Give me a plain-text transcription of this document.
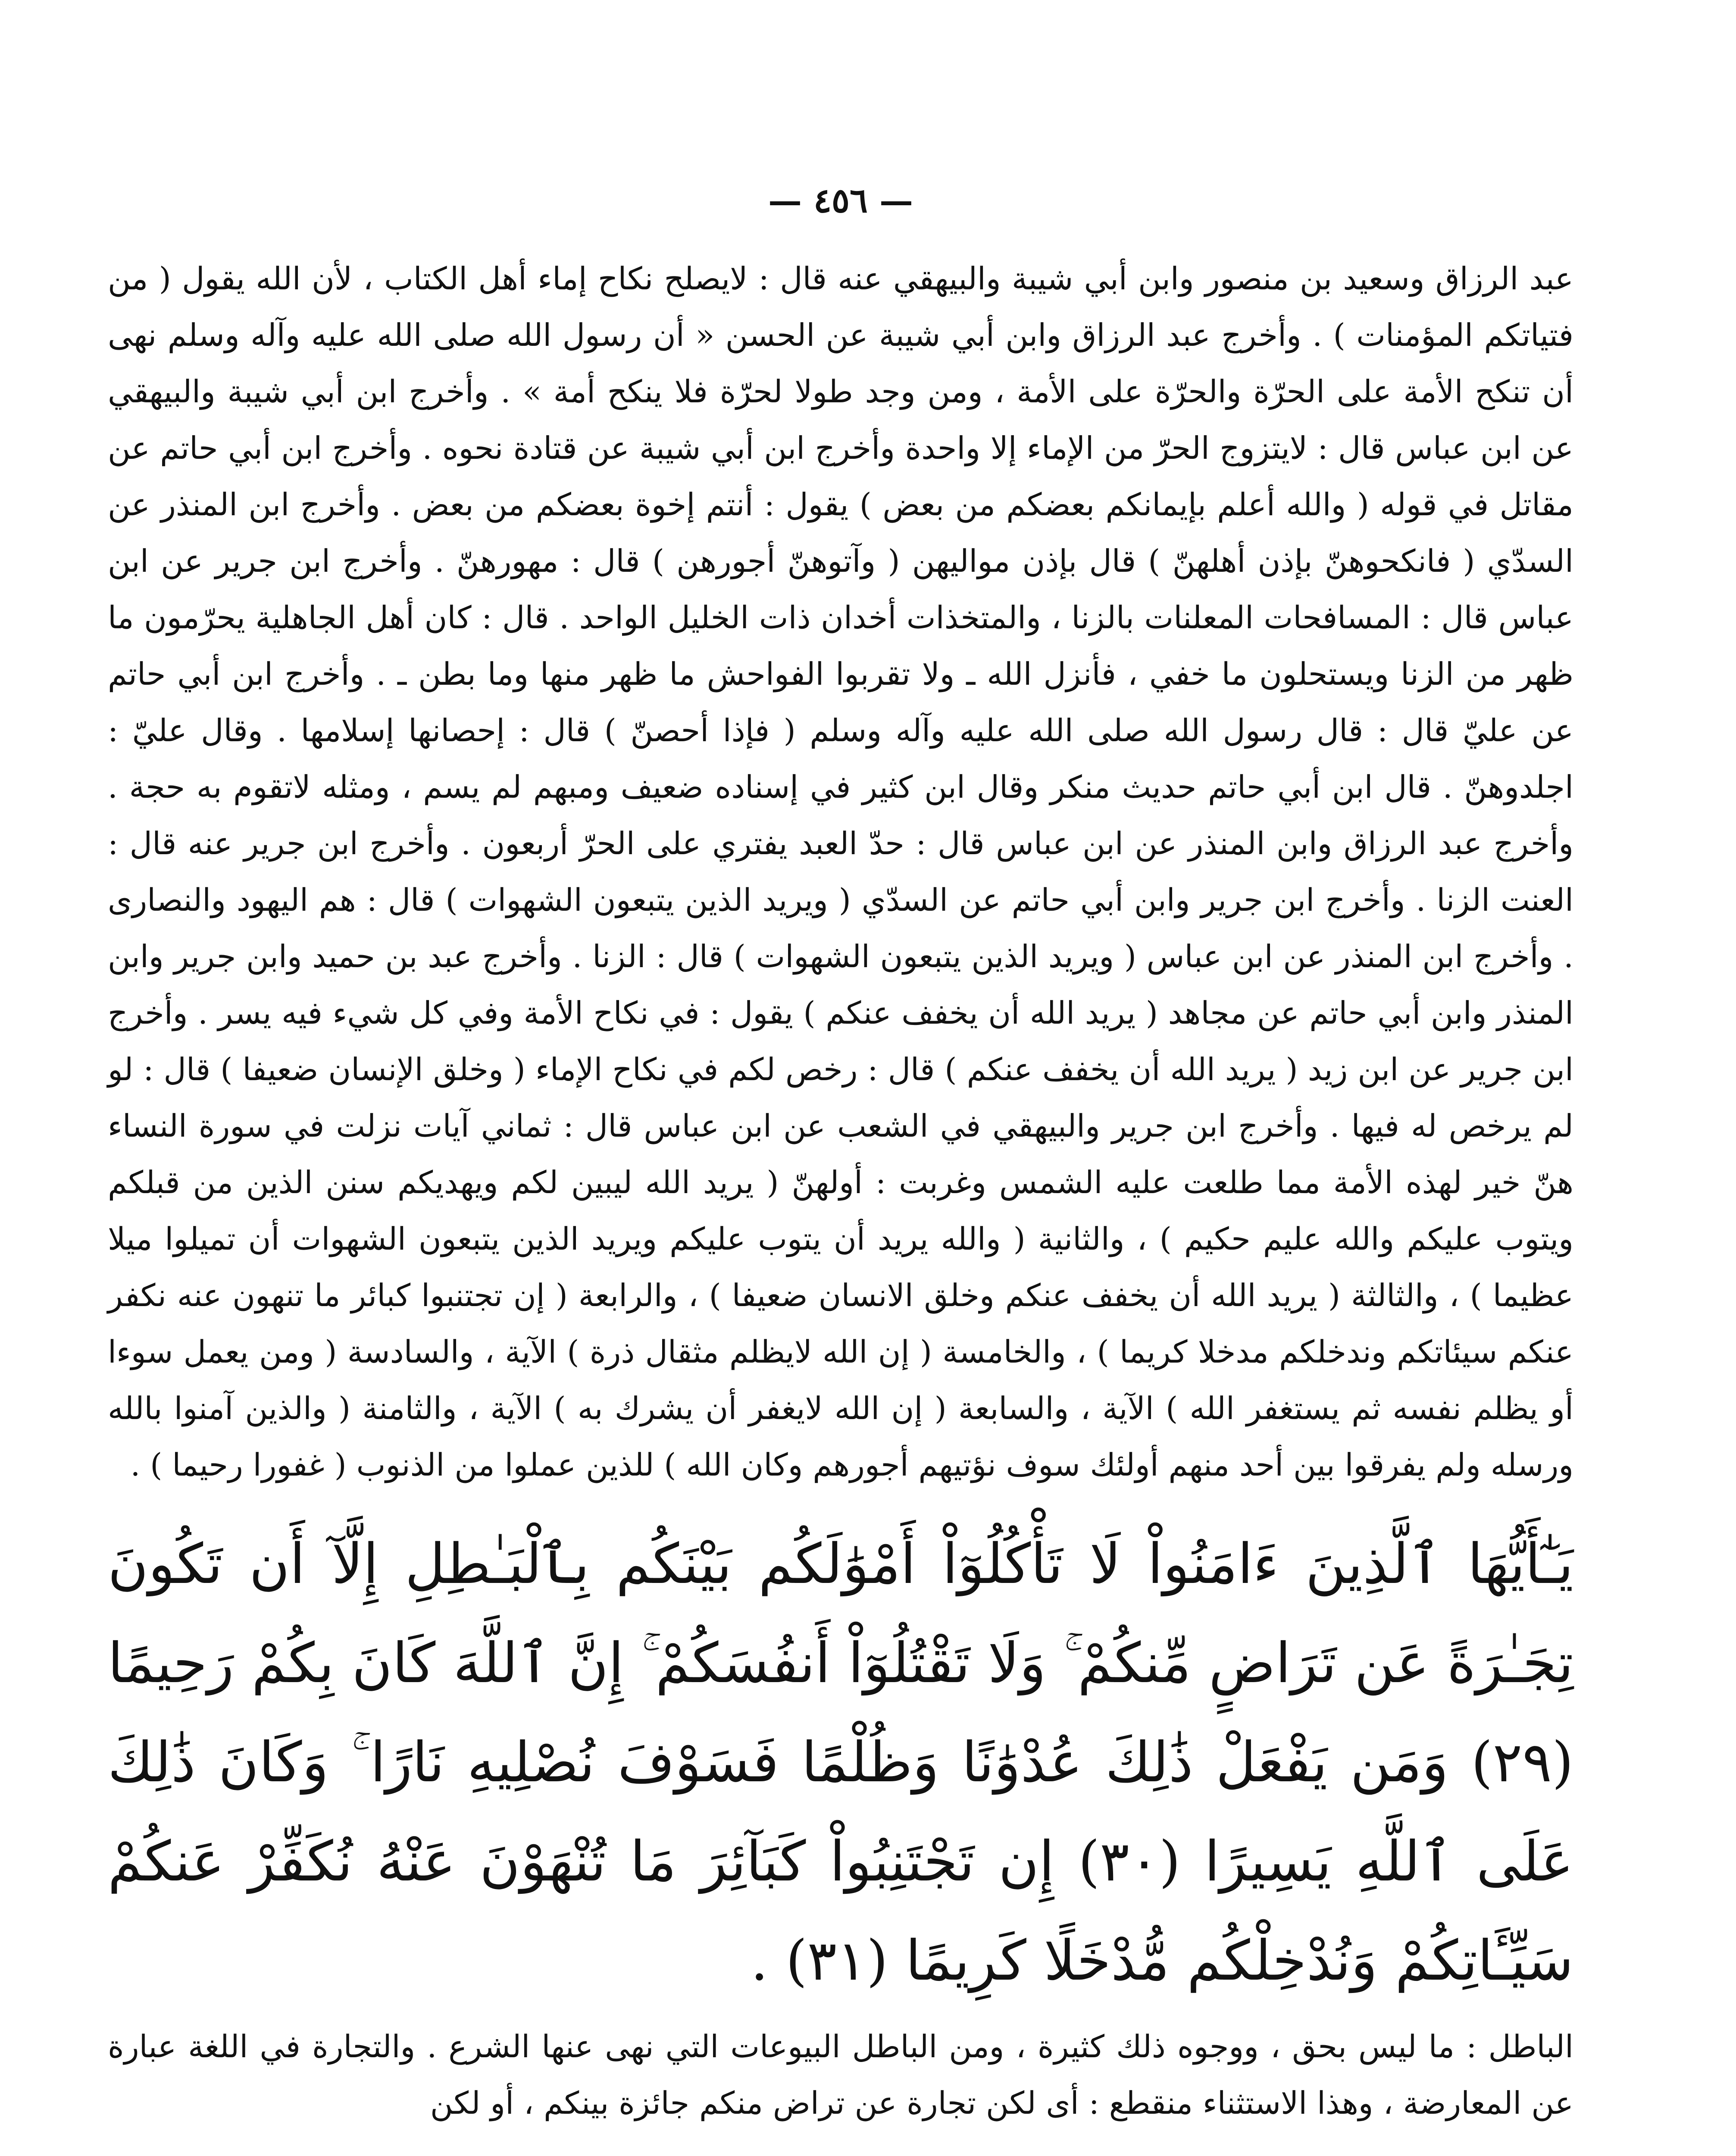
— ٤٥٦ —

عبد الرزاق وسعيد بن منصور وابن أبي شيبة والبيهقي عنه قال : لايصلح نكاح إماء أهل الكتاب ، لأن الله يقول ( من فتياتكم المؤمنات ) . وأخرج عبد الرزاق وابن أبي شيبة عن الحسن « أن رسول الله صلى الله عليه وآله وسلم نهى أن تنكح الأمة على الحرّة والحرّة على الأمة ، ومن وجد طولا لحرّة فلا ينكح أمة » . وأخرج ابن أبي شيبة والبيهقي عن ابن عباس قال : لايتزوج الحرّ من الإماء إلا واحدة وأخرج ابن أبي شيبة عن قتادة نحوه . وأخرج ابن أبي حاتم عن مقاتل في قوله ( والله أعلم بإيمانكم بعضكم من بعض ) يقول : أنتم إخوة بعضكم من بعض . وأخرج ابن المنذر عن السدّي ( فانكحوهنّ بإذن أهلهنّ ) قال بإذن مواليهن ( وآتوهنّ أجورهن ) قال : مهورهنّ . وأخرج ابن جرير عن ابن عباس قال : المسافحات المعلنات بالزنا ، والمتخذات أخدان ذات الخليل الواحد . قال : كان أهل الجاهلية يحرّمون ما ظهر من الزنا ويستحلون ما خفي ، فأنزل الله ـ ولا تقربوا الفواحش ما ظهر منها وما بطن ـ . وأخرج ابن أبي حاتم عن عليّ قال : قال رسول الله صلى الله عليه وآله وسلم ( فإذا أحصنّ ) قال : إحصانها إسلامها . وقال عليّ : اجلدوهنّ . قال ابن أبي حاتم حديث منكر وقال ابن كثير في إسناده ضعيف ومبهم لم يسم ، ومثله لاتقوم به حجة . وأخرج عبد الرزاق وابن المنذر عن ابن عباس قال : حدّ العبد يفتري على الحرّ أربعون . وأخرج ابن جرير عنه قال : العنت الزنا . وأخرج ابن جرير وابن أبي حاتم عن السدّي ( ويريد الذين يتبعون الشهوات ) قال : هم اليهود والنصارى . وأخرج ابن المنذر عن ابن عباس ( ويريد الذين يتبعون الشهوات ) قال : الزنا . وأخرج عبد بن حميد وابن جرير وابن المنذر وابن أبي حاتم عن مجاهد ( يريد الله أن يخفف عنكم ) يقول : في نكاح الأمة وفي كل شيء فيه يسر . وأخرج ابن جرير عن ابن زيد ( يريد الله أن يخفف عنكم ) قال : رخص لكم في نكاح الإماء ( وخلق الإنسان ضعيفا ) قال : لو لم يرخص له فيها . وأخرج ابن جرير والبيهقي في الشعب عن ابن عباس قال : ثماني آيات نزلت في سورة النساء هنّ خير لهذه الأمة مما طلعت عليه الشمس وغربت : أولهنّ ( يريد الله ليبين لكم ويهديكم سنن الذين من قبلكم ويتوب عليكم والله عليم حكيم ) ، والثانية ( والله يريد أن يتوب عليكم ويريد الذين يتبعون الشهوات أن تميلوا ميلا عظيما ) ، والثالثة ( يريد الله أن يخفف عنكم وخلق الانسان ضعيفا ) ، والرابعة ( إن تجتنبوا كبائر ما تنهون عنه نكفر عنكم سيئاتكم وندخلكم مدخلا كريما ) ، والخامسة ( إن الله لايظلم مثقال ذرة ) الآية ، والسادسة ( ومن يعمل سوءا أو يظلم نفسه ثم يستغفر الله ) الآية ، والسابعة ( إن الله لايغفر أن يشرك به ) الآية ، والثامنة ( والذين آمنوا بالله ورسله ولم يفرقوا بين أحد منهم أولئك سوف نؤتيهم أجورهم وكان الله ) للذين عملوا من الذنوب ( غفورا رحيما ) .

يَـٰٓأَيُّهَا ٱلَّذِينَ ءَامَنُواْ لَا تَأْكُلُوٓاْ أَمْوَٰلَكُم بَيْنَكُم بِٱلْبَـٰطِلِ إِلَّآ أَن تَكُونَ تِجَـٰرَةً عَن تَرَاضٍ مِّنكُمْ ۚ وَلَا تَقْتُلُوٓاْ أَنفُسَكُمْ ۚ إِنَّ ٱللَّهَ كَانَ بِكُمْ رَحِيمًا (٢٩) وَمَن يَفْعَلْ ذَٰلِكَ عُدْوَٰنًا وَظُلْمًا فَسَوْفَ نُصْلِيهِ نَارًا ۚ وَكَانَ ذَٰلِكَ عَلَى ٱللَّهِ يَسِيرًا (٣٠) إِن تَجْتَنِبُواْ كَبَآئِرَ مَا تُنْهَوْنَ عَنْهُ نُكَفِّرْ عَنكُمْ سَيِّـَٔاتِكُمْ وَنُدْخِلْكُم مُّدْخَلًا كَرِيمًا (٣١) .

الباطل : ما ليس بحق ، ووجوه ذلك كثيرة ، ومن الباطل البيوعات التي نهى عنها الشرع . والتجارة في اللغة عبارة عن المعارضة ، وهذا الاستثناء منقطع : أى لكن تجارة عن تراض منكم جائزة بينكم ، أو لكن
